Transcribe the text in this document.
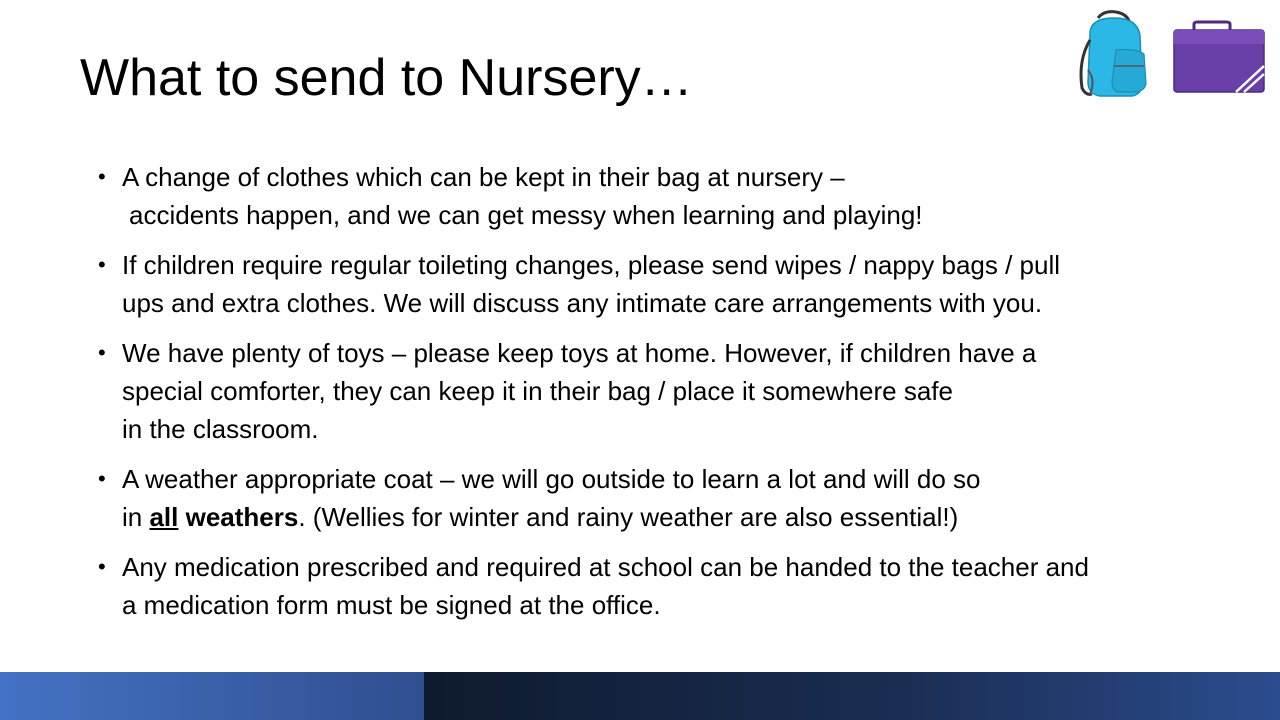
What to send to Nursery…
• A change of clothes which can be kept in their bag at nursery –
accidents happen, and we can get messy when learning and playing!
• If children require regular toileting changes, please send wipes / nappy bags / pull
ups and extra clothes. We will discuss any intimate care arrangements with you.
• We have plenty of toys – please keep toys at home. However, if children have a
special comforter, they can keep it in their bag / place it somewhere safe
in the classroom.
• A weather appropriate coat – we will go outside to learn a lot and will do so
in all weathers. (Wellies for winter and rainy weather are also essential!)
• Any medication prescribed and required at school can be handed to the teacher and
a medication form must be signed at the office.
